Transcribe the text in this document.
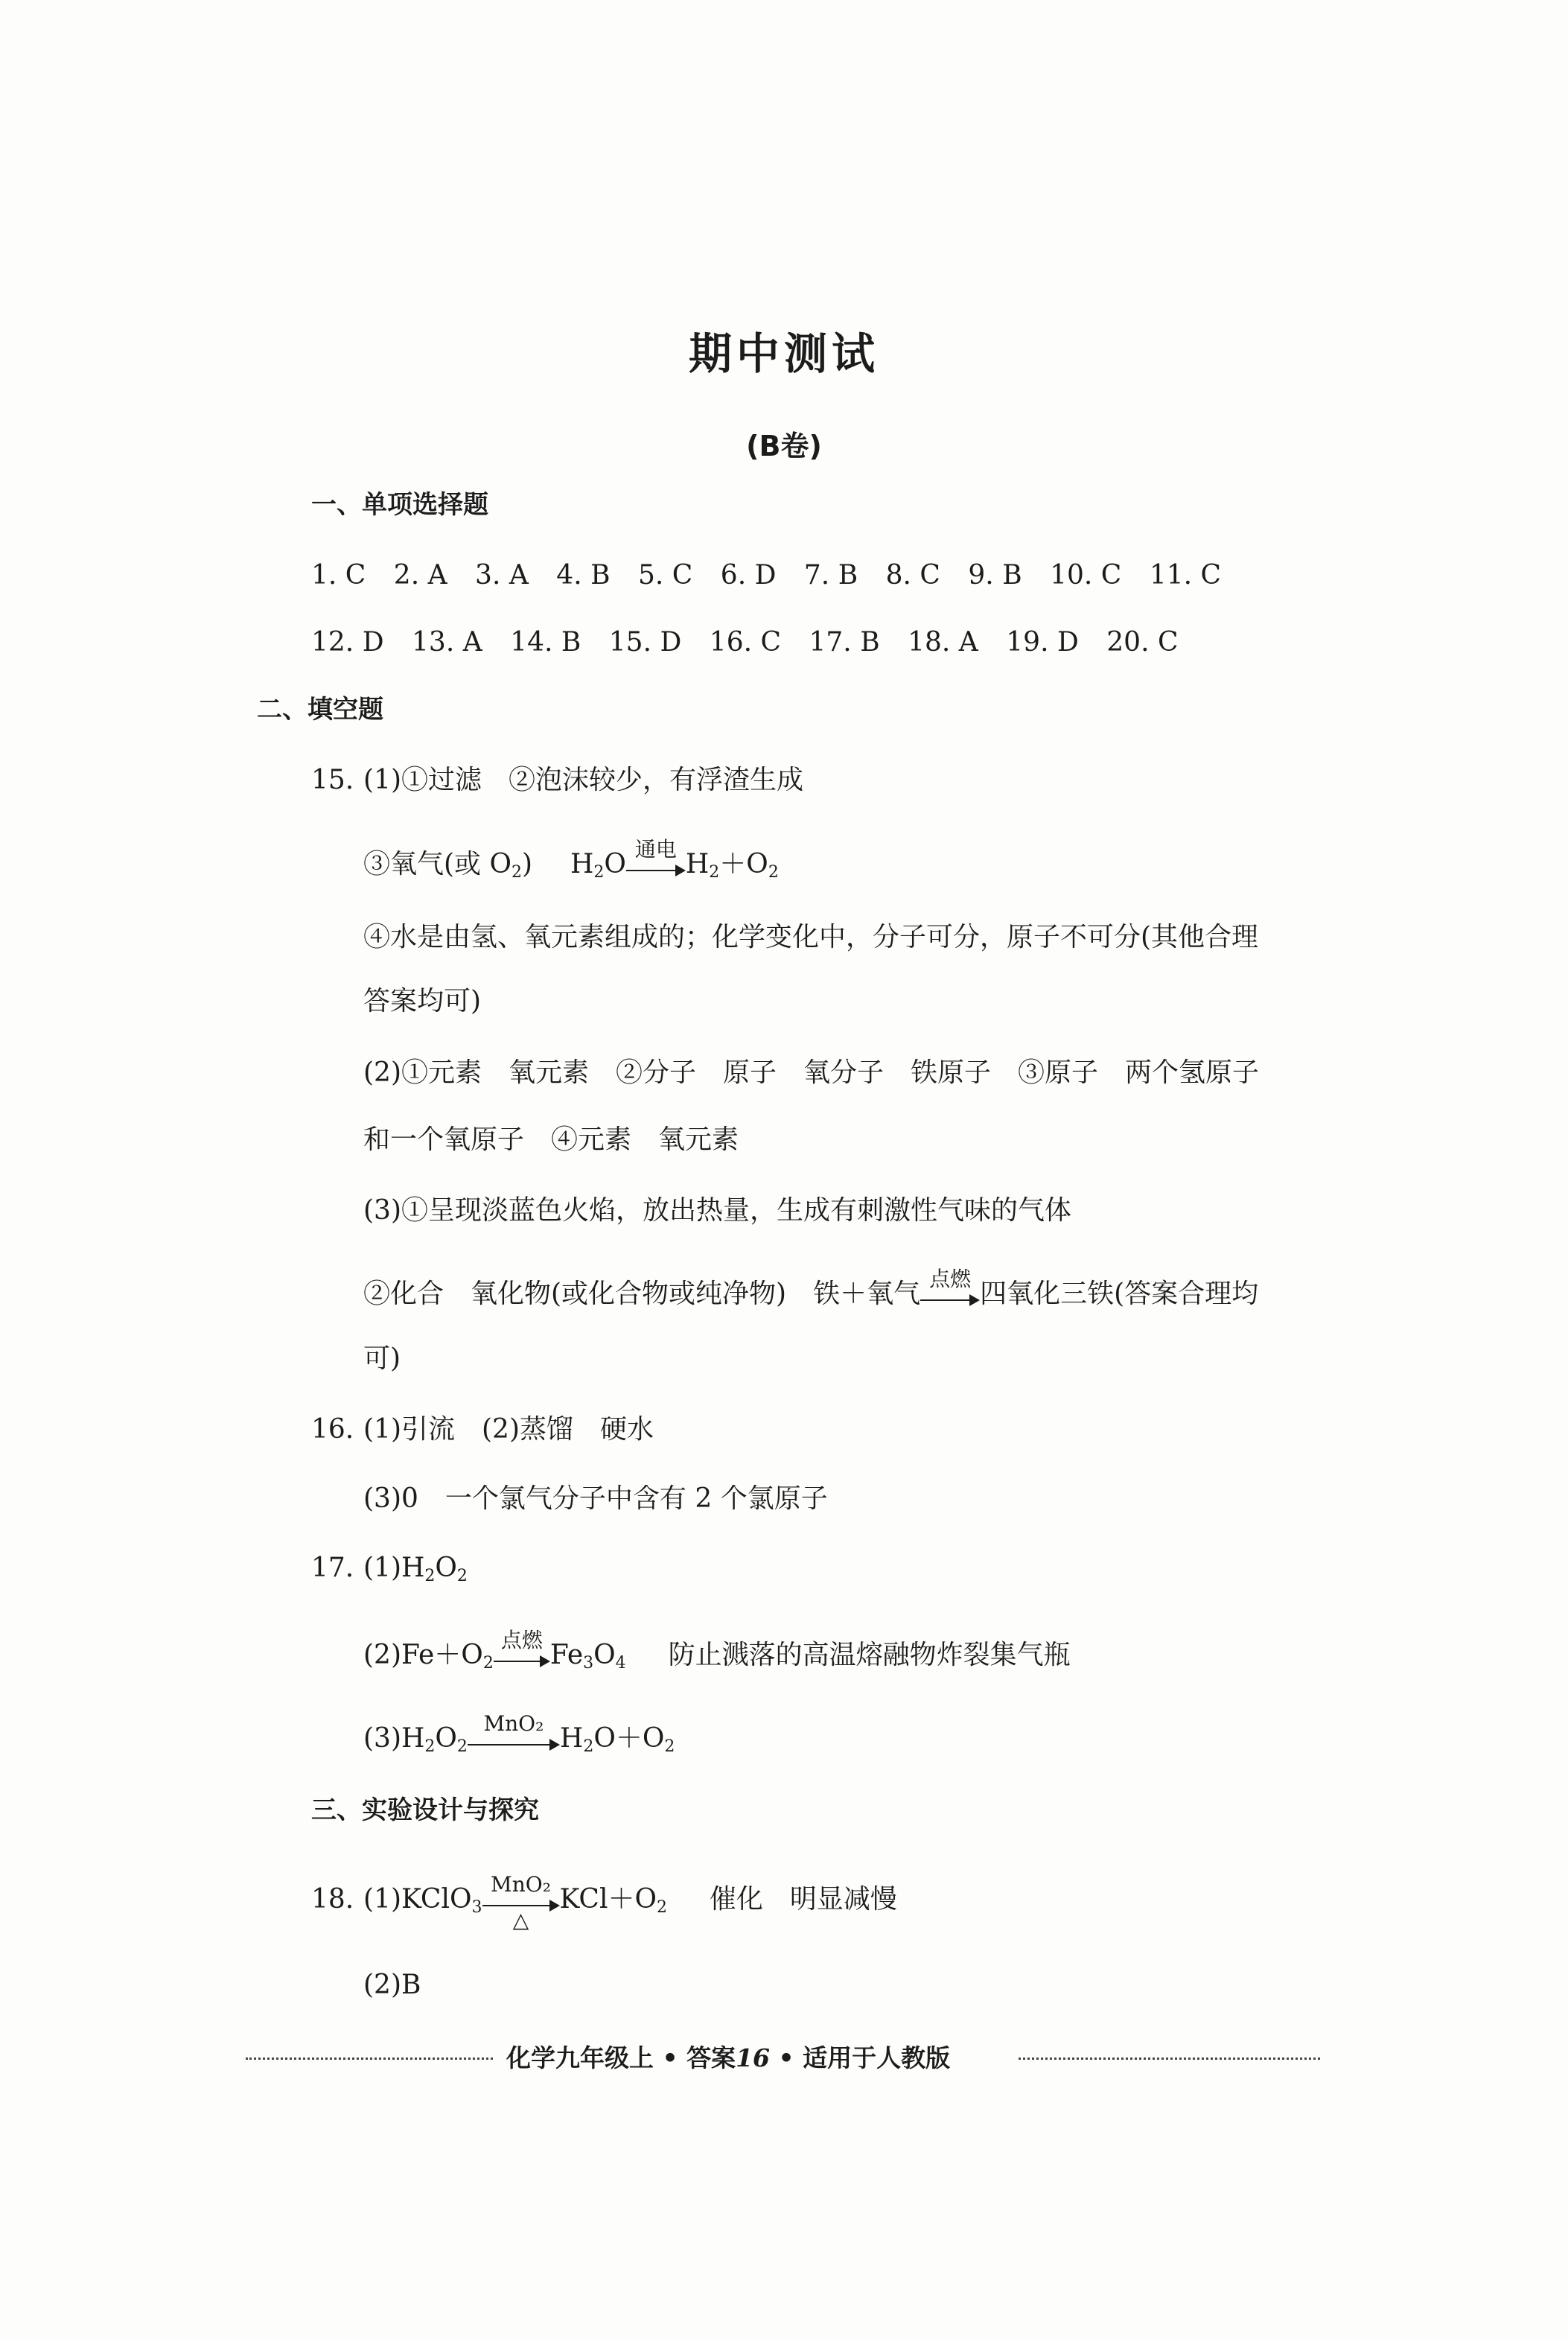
期中测试
(B卷)
一、单项选择题
1. C 2. A 3. A 4. B 5. C 6. D 7. B 8. C 9. B 10. C 11. C
12. D 13. A 14. B 15. D 16. C 17. B 18. A 19. D 20. C
二、填空题
15. (1)①过滤　②泡沫较少，有浮渣生成
③氧气(或 $O_2$) $H_2O$ 通电 $H_2+O_2$
④水是由氢、氧元素组成的；化学变化中，分子可分，原子不可分(其他合理
答案均可)
(2)①元素　氧元素　②分子　原子　氧分子　铁原子　③原子　两个氢原子
和一个氧原子　④元素　氧元素
(3)①呈现淡蓝色火焰，放出热量，生成有刺激性气味的气体
②化合　氧化物(或化合物或纯净物)　铁＋氧气 点燃 四氧化三铁(答案合理均
可)
16. (1)引流　(2)蒸馏　硬水
(3)0　一个氯气分子中含有 2 个氯原子
17. $(1)H_2O_2$
$(2)Fe+O_2$
点燃 $Fe_3O_4$ 防止溅落的高温熔融物炸裂集气瓶
$(3)H_2O_2$
MnO₂ $H_2O+O_2$
三、实验设计与探究
18. (1)KClO$_3$
MnO₂
△
$KCl+O_2$ 催化　明显减慢
(2)B
化学九年级上 • 答案16 • 适用于人教版
